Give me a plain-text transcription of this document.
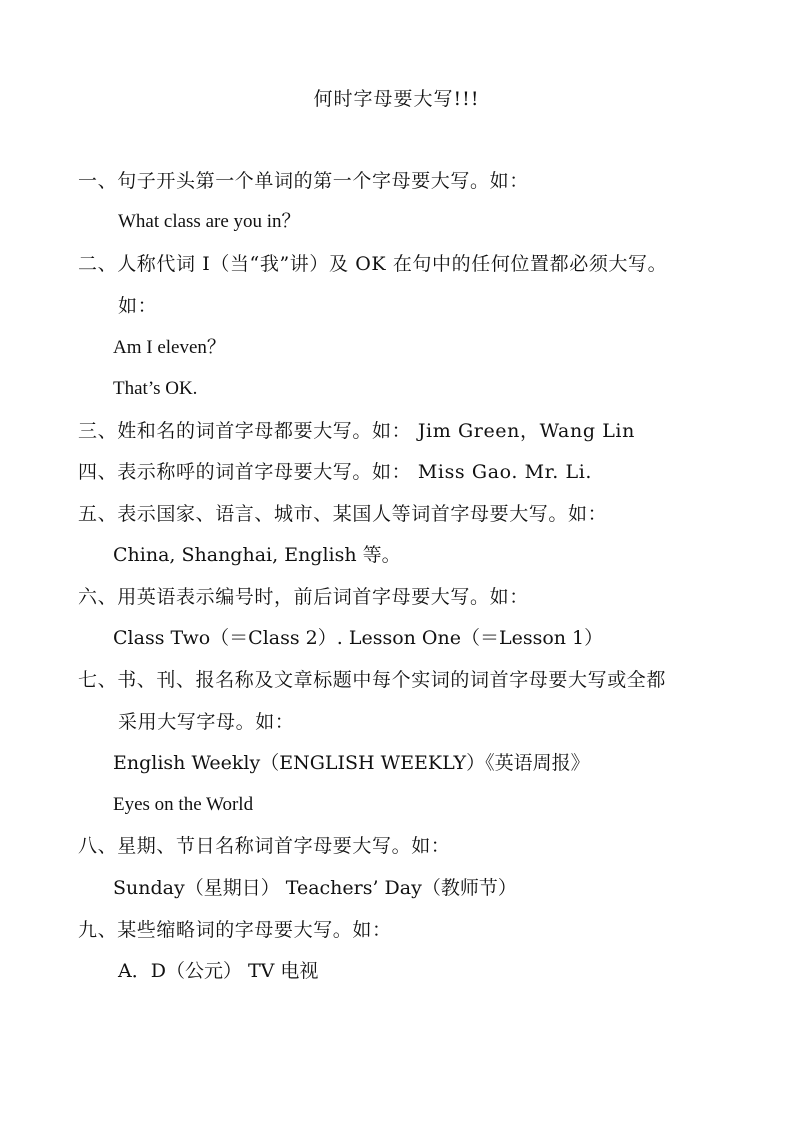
何时字母要大写!!!
一、句子开头第一个单词的第一个字母要大写。如：
What class are you in？
二、人称代词 I（当“我”讲）及 OK 在句中的任何位置都必须大写。
如：
Am I eleven？
That’s OK.
三、姓和名的词首字母都要大写。如： Jim Green，Wang Lin
四、表示称呼的词首字母要大写。如： Miss Gao. Mr. Li.
五、表示国家、语言、城市、某国人等词首字母要大写。如：
China, Shanghai, English 等。
六、用英语表示编号时，前后词首字母要大写。如：
Class Two（＝Class 2）. Lesson One（＝Lesson 1）
七、书、刊、报名称及文章标题中每个实词的词首字母要大写或全都
采用大写字母。如：
English Weekly（ENGLISH WEEKLY）《英语周报》
Eyes on the World
八、星期、节日名称词首字母要大写。如：
Sunday（星期日） Teachers’ Day（教师节）
九、某些缩略词的字母要大写。如：
A．D（公元） TV 电视
